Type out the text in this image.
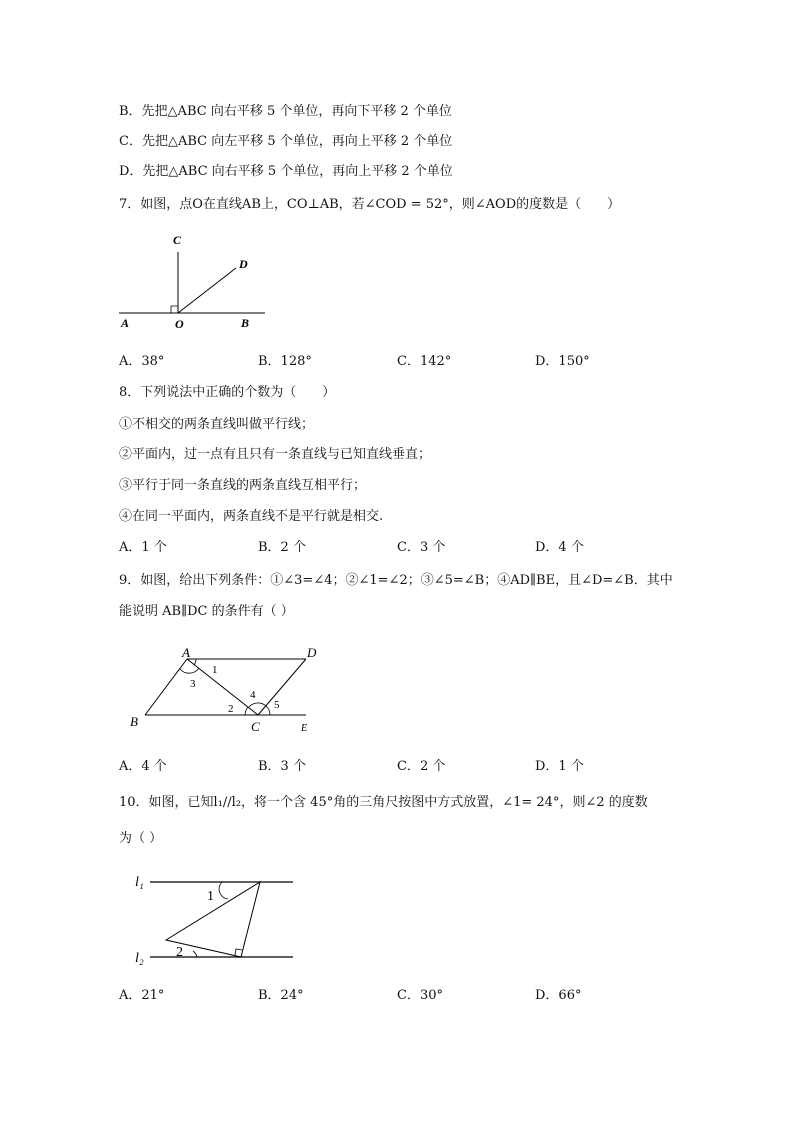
B．先把△ABC 向右平移 5 个单位，再向下平移 2 个单位
C．先把△ABC 向左平移 5 个单位，再向上平移 2 个单位
D．先把△ABC 向右平移 5 个单位，再向上平移 2 个单位
7．如图，点O在直线AB上，CO⊥AB，若∠COD = 52°，则∠AOD的度数是（　　）
C
D
A	O	B
A．38°	B．128°	C．142°	D．150°
8．下列说法中正确的个数为（　　）
①不相交的两条直线叫做平行线；
②平面内，过一点有且只有一条直线与已知直线垂直；
③平行于同一条直线的两条直线互相平行；
④在同一平面内，两条直线不是平行就是相交.
A．1 个	B．2 个	C．3 个	D．4 个
9．如图，给出下列条件：①∠3=∠4；②∠1=∠2；③∠5=∠B；④AD∥BE，且∠D=∠B．其中
能说明 AB∥DC 的条件有（ ）
A	D
B	C	E
1
3
2
4
5
A．4 个	B．3 个	C．2 个	D．1 个
10．如图，已知l₁//l₂，将一个含 45°角的三角尺按图中方式放置，∠1= 24°，则∠2 的度数
为（ ）
l₁
l₂
1
2
A．21°	B．24°	C．30°	D．66°
